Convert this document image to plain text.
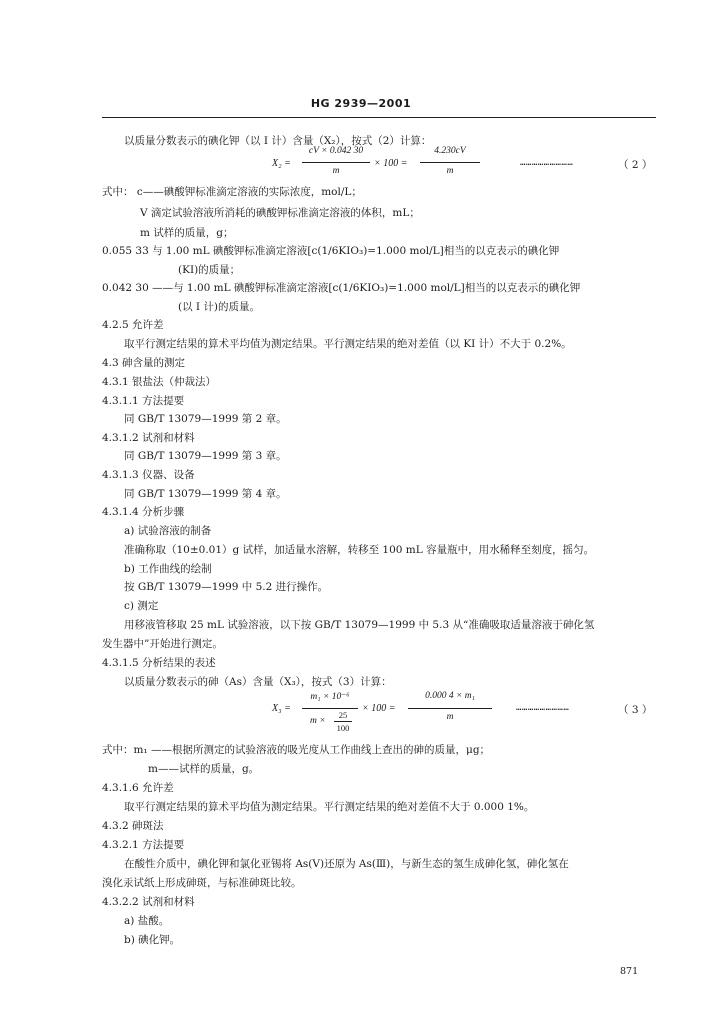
HG 2939—2001
以质量分数表示的碘化钾（以 I 计）含量（X₂），按式（2）计算：
X₂ =
cV × 0.042 30
m
× 100 =
4.230cV
m
………………………	（ 2 ）
式中： c——碘酸钾标准滴定溶液的实际浓度，mol/L；
V 滴定试验溶液所消耗的碘酸钾标准滴定溶液的体积，mL；
m 试样的质量，g；
0.055 33 与 1.00 mL 碘酸钾标准滴定溶液[c(1/6KIO₃)=1.000 mol/L]相当的以克表示的碘化钾
(KI)的质量；
0.042 30 ——与 1.00 mL 碘酸钾标准滴定溶液[c(1/6KIO₃)=1.000 mol/L]相当的以克表示的碘化钾
(以 I 计)的质量。
4.2.5 允许差
取平行测定结果的算术平均值为测定结果。平行测定结果的绝对差值（以 KI 计）不大于 0.2%。
4.3 砷含量的测定
4.3.1 银盐法（仲裁法）
4.3.1.1 方法提要
同 GB/T 13079—1999 第 2 章。
4.3.1.2 试剂和材料
同 GB/T 13079—1999 第 3 章。
4.3.1.3 仪器、设备
同 GB/T 13079—1999 第 4 章。
4.3.1.4 分析步骤
a) 试验溶液的制备
准确称取（10±0.01）g 试样，加适量水溶解，转移至 100 mL 容量瓶中，用水稀释至刻度，摇匀。
b) 工作曲线的绘制
按 GB/T 13079—1999 中 5.2 进行操作。
c) 测定
用移液管移取 25 mL 试验溶液，以下按 GB/T 13079—1999 中 5.3 从“准确吸取适量溶液于砷化氢
发生器中”开始进行测定。
4.3.1.5 分析结果的表述
以质量分数表示的砷（As）含量（X₃），按式（3）计算：
X₃ =
m₁ × 10⁻⁶
m ×
25
100
× 100 =
0.000 4 × m₁
m
………………………	（ 3 ）
式中：m₁ ——根据所测定的试验溶液的吸光度从工作曲线上查出的砷的质量，μg；
m——试样的质量，g。
4.3.1.6 允许差
取平行测定结果的算术平均值为测定结果。平行测定结果的绝对差值不大于 0.000 1%。
4.3.2 砷斑法
4.3.2.1 方法提要
在酸性介质中，碘化钾和氯化亚锡将 As(Ⅴ)还原为 As(Ⅲ)，与新生态的氢生成砷化氢，砷化氢在
溴化汞试纸上形成砷斑，与标准砷斑比较。
4.3.2.2 试剂和材料
a) 盐酸。
b) 碘化钾。
871
